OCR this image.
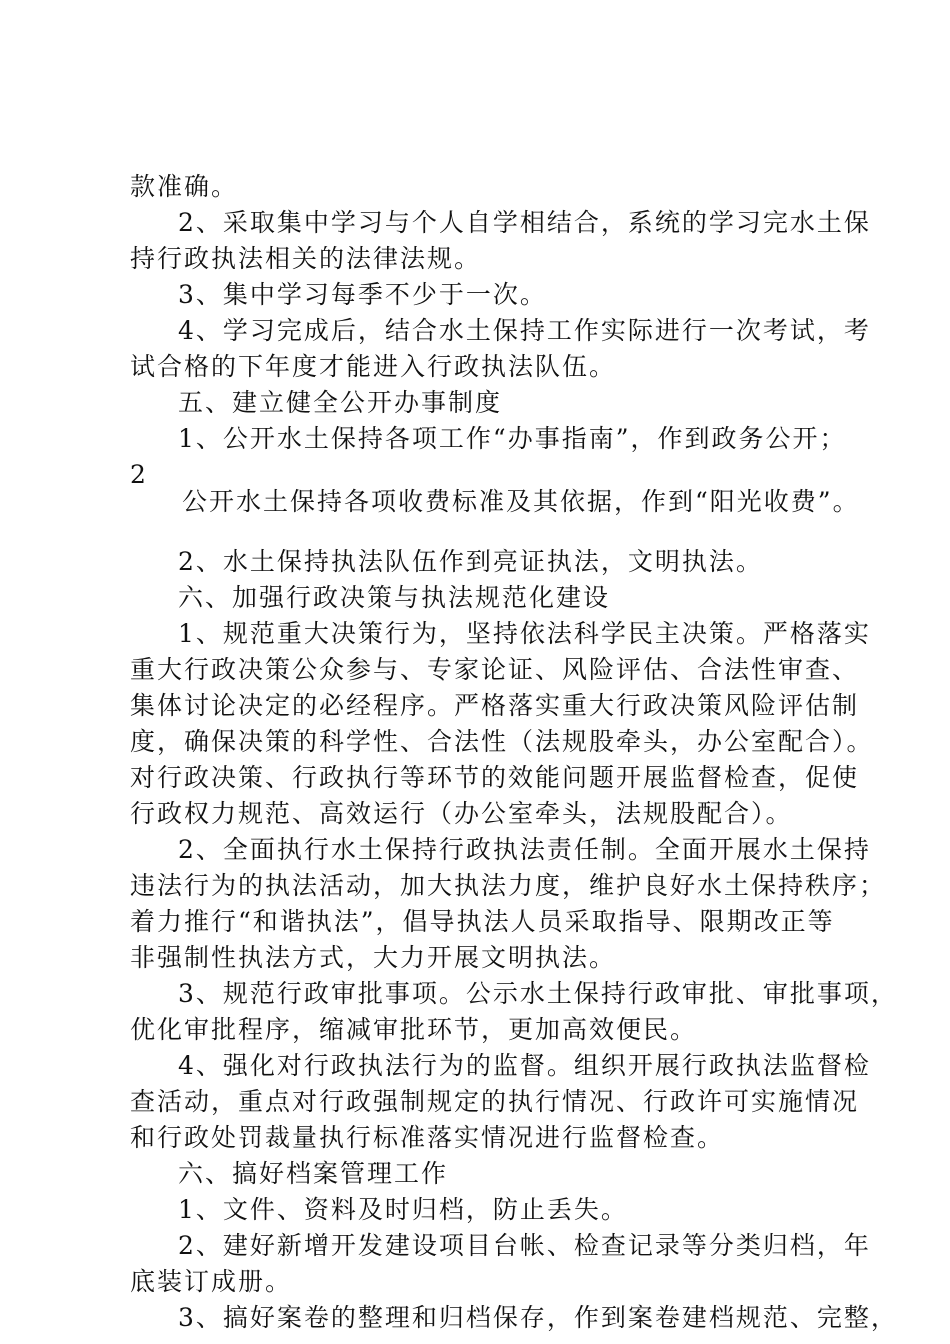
款准确。
2、采取集中学习与个人自学相结合，系统的学习完水土保
持行政执法相关的法律法规。
3、集中学习每季不少于一次。
4、学习完成后，结合水土保持工作实际进行一次考试，考
试合格的下年度才能进入行政执法队伍。
五、建立健全公开办事制度
1、公开水土保持各项工作“办事指南”，作到政务公开；
2
公开水土保持各项收费标准及其依据，作到“阳光收费”。
2、水土保持执法队伍作到亮证执法，文明执法。
六、加强行政决策与执法规范化建设
1、规范重大决策行为，坚持依法科学民主决策。严格落实
重大行政决策公众参与、专家论证、风险评估、合法性审查、
集体讨论决定的必经程序。严格落实重大行政决策风险评估制
度，确保决策的科学性、合法性（法规股牵头，办公室配合）。
对行政决策、行政执行等环节的效能问题开展监督检查，促使
行政权力规范、高效运行（办公室牵头，法规股配合）。
2、全面执行水土保持行政执法责任制。全面开展水土保持
违法行为的执法活动，加大执法力度，维护良好水土保持秩序；
着力推行“和谐执法”，倡导执法人员采取指导、限期改正等
非强制性执法方式，大力开展文明执法。
3、规范行政审批事项。公示水土保持行政审批、审批事项，
优化审批程序，缩减审批环节，更加高效便民。
4、强化对行政执法行为的监督。组织开展行政执法监督检
查活动，重点对行政强制规定的执行情况、行政许可实施情况
和行政处罚裁量执行标准落实情况进行监督检查。
六、搞好档案管理工作
1、文件、资料及时归档，防止丢失。
2、建好新增开发建设项目台帐、检查记录等分类归档，年
底装订成册。
3、搞好案卷的整理和归档保存，作到案卷建档规范、完整，
